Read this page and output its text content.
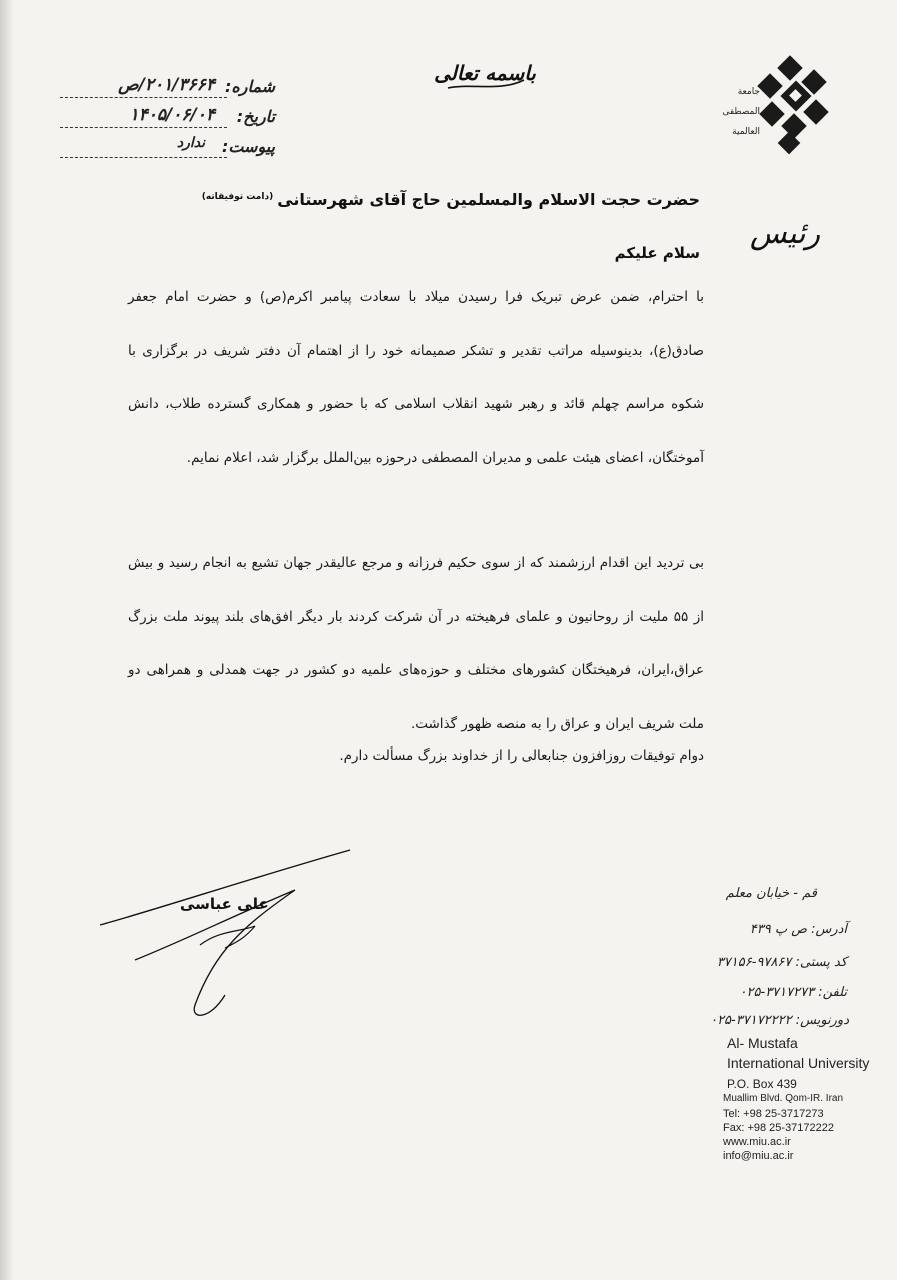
جامعة
المصطفی
العالمیة
باسمه تعالی
شماره:
۲۰۱/۳۶۶۴/ص
تاریخ:
۱۴۰۵/۰۶/۰۴
پیوست:
ندارد
رئیس
حضرت حجت الاسلام والمسلمین حاج آقای شهرستانی$^{(دامت توفیقاته)}$
سلام علیکم
با احترام، ضمن عرض تبریک فرا رسیدن میلاد با سعادت پیامبر اکرم(ص) و حضرت امام جعفر صادق(ع)، بدینوسیله مراتب تقدیر و تشکر صمیمانه خود را از اهتمام آن دفتر شریف در برگزاری با شکوه مراسم چهلم قائد و رهبر شهید انقلاب اسلامی که با حضور و همکاری گسترده طلاب، دانش آموختگان، اعضای هیئت علمی و مدیران المصطفی درحوزه بین‌الملل برگزار شد، اعلام نمایم.
بی تردید این اقدام ارزشمند که از سوی حکیم فرزانه و مرجع عالیقدر جهان تشیع به انجام رسید و بیش از ۵۵ ملیت از روحانیون و علمای فرهیخته در آن شرکت کردند بار دیگر افق‌های بلند پیوند ملت بزرگ عراق،ایران، فرهیختگان کشورهای مختلف و حوزه‌های علمیه دو کشور در جهت همدلی و همراهی دو ملت شریف ایران و عراق را به منصه ظهور گذاشت.
دوام توفیقات روزافزون جنابعالی را از خداوند بزرگ مسألت دارم.
علی عباسی
قم - خیابان معلم
آدرس: ص پ ۴۳۹
کد پستی: ۹۷۸۶۷-۳۷۱۵۶
تلفن: ۳۷۱۷۲۷۳-۰۲۵
دورنویس: ۳۷۱۷۲۲۲۲-۰۲۵
Al- Mustafa
International University
P.O. Box 439
Muallim Blvd. Qom-IR. Iran
Tel: +98 25-3717273
Fax: +98 25-37172222
www.miu.ac.ir
info@miu.ac.ir
